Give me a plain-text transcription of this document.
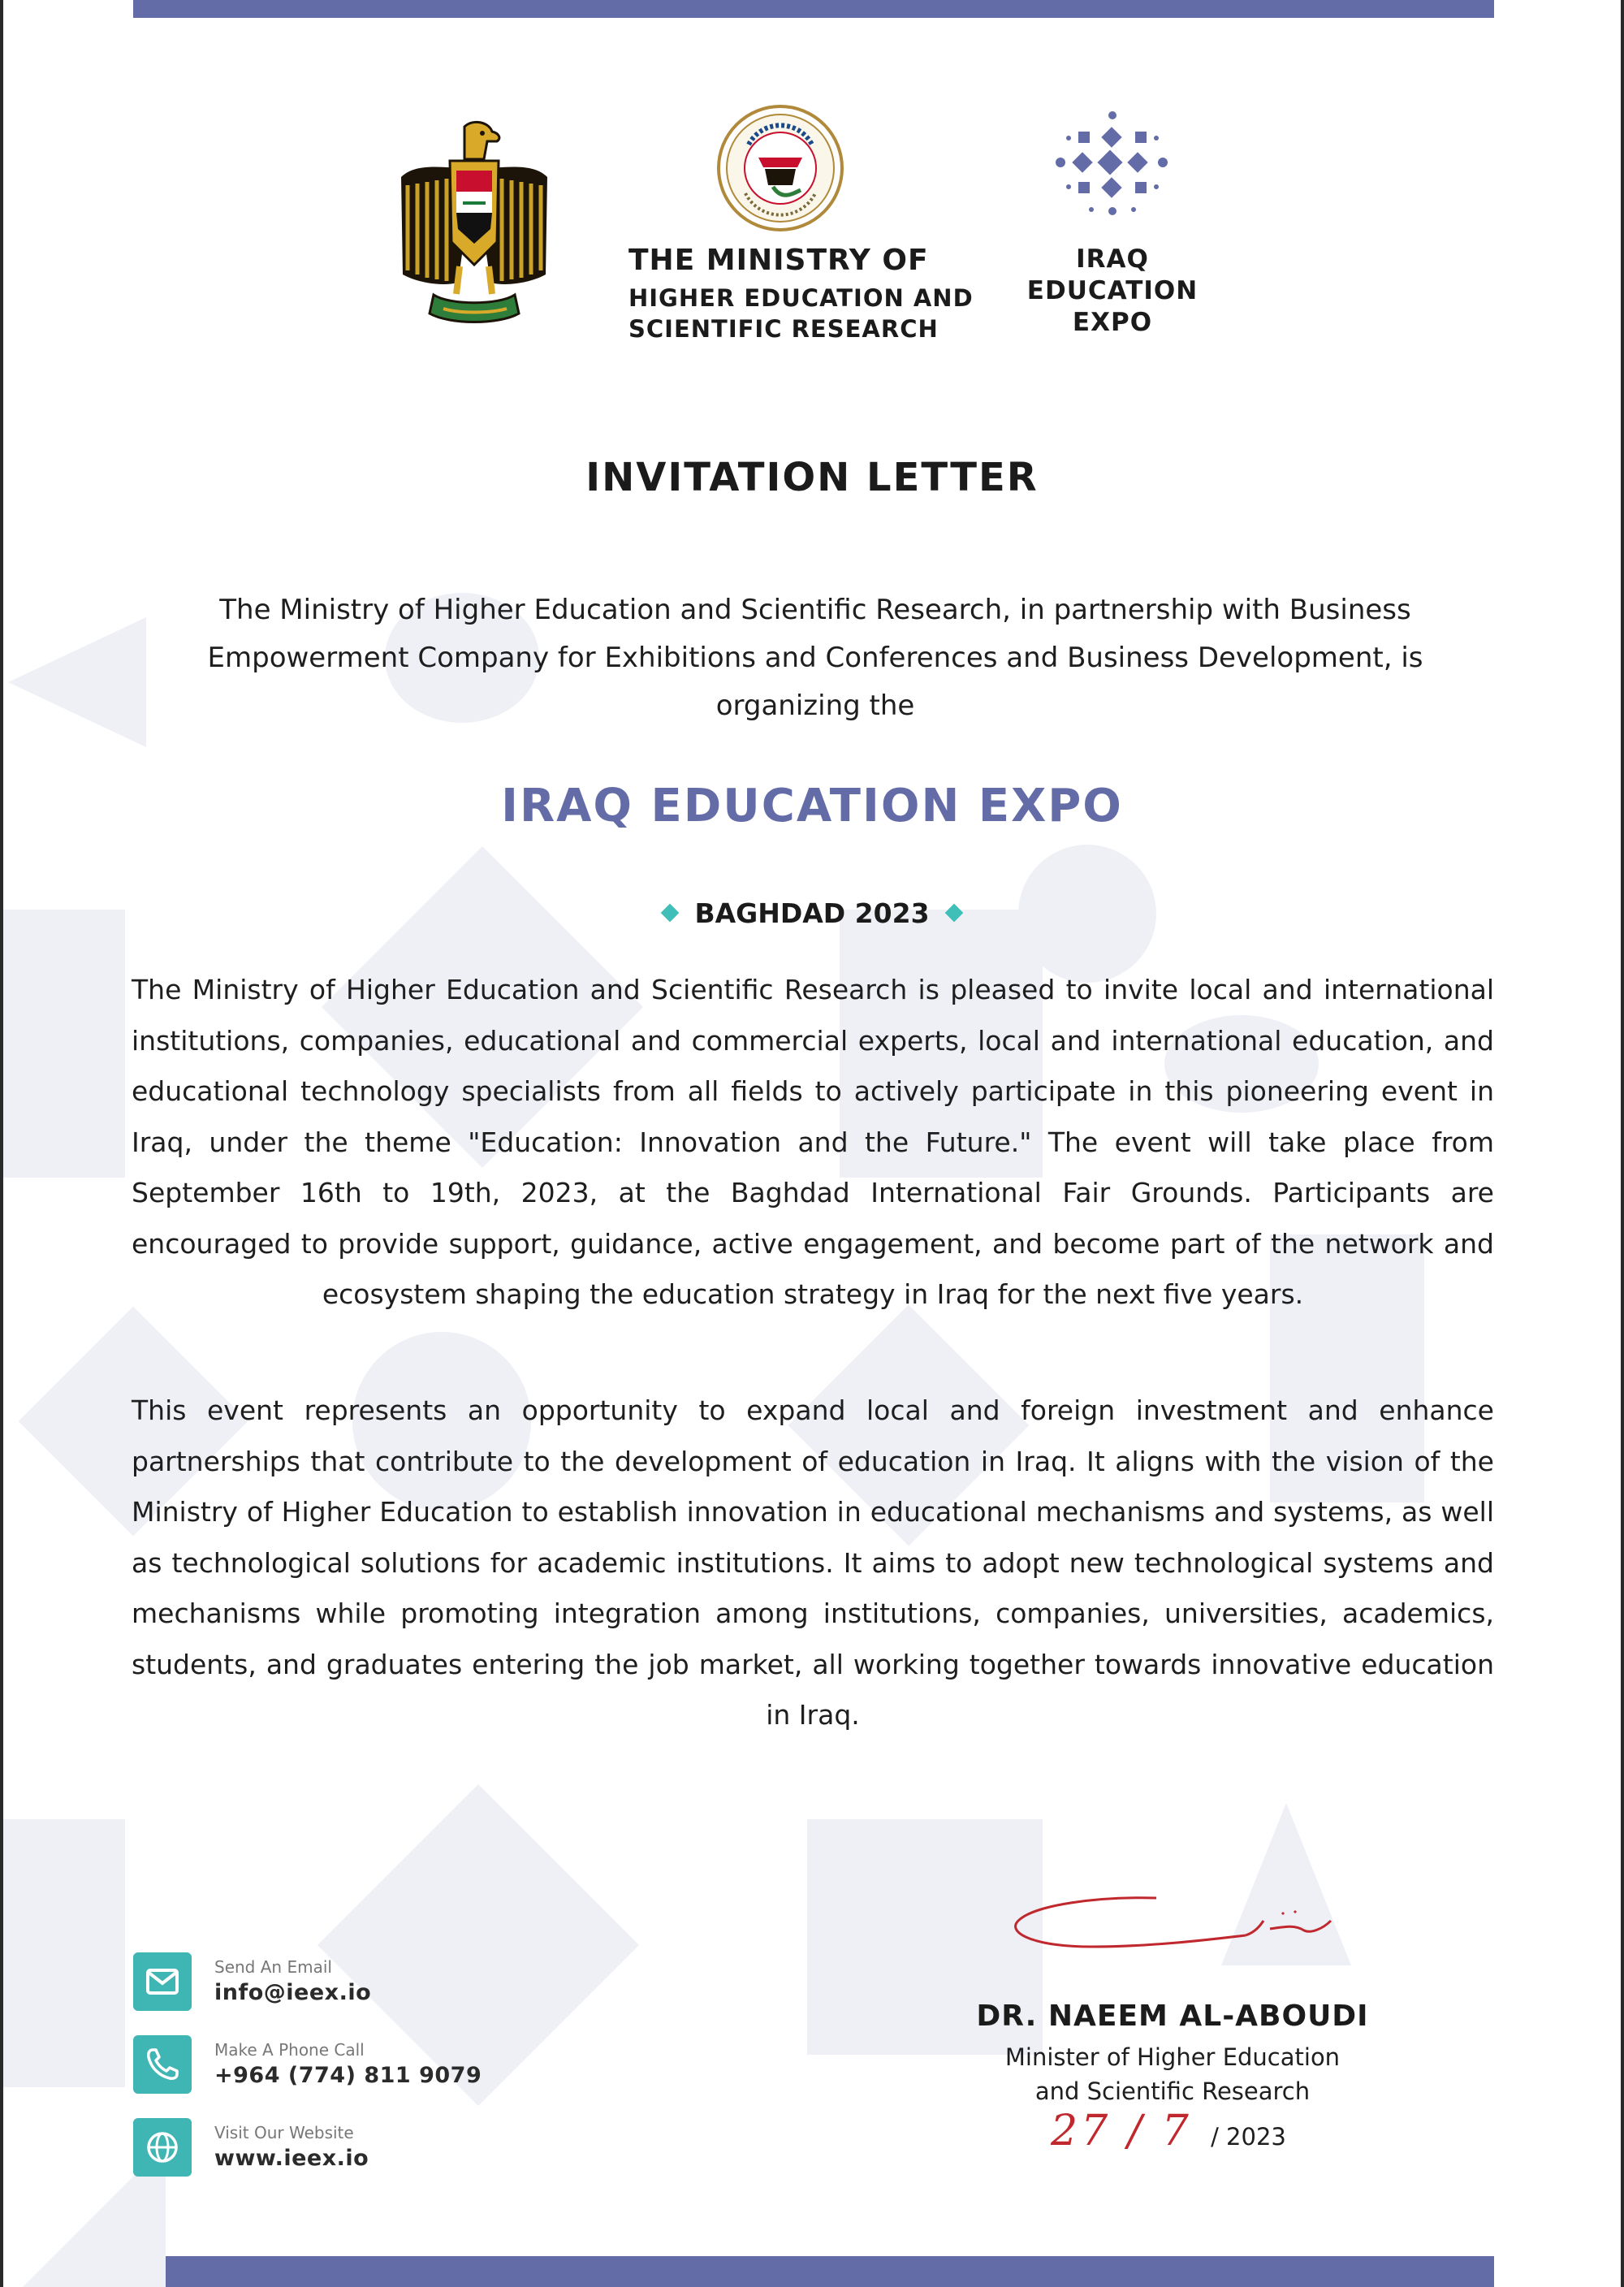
THE MINISTRY OF
HIGHER EDUCATION AND
SCIENTIFIC RESEARCH
IRAQ
EDUCATION
EXPO
INVITATION LETTER
The Ministry of Higher Education and Scientific Research, in partnership with Business Empowerment Company for Exhibitions and Conferences and Business Development, is organizing the
IRAQ EDUCATION EXPO
BAGHDAD 2023
The Ministry of Higher Education and Scientific Research is pleased to invite local and international institutions, companies, educational and commercial experts, local and international education, and educational technology specialists from all fields to actively participate in this pioneering event in Iraq, under the theme "Education: Innovation and the Future." The event will take place from September 16th to 19th, 2023, at the Baghdad International Fair Grounds. Participants are encouraged to provide support, guidance, active engagement, and become part of the network and ecosystem shaping the education strategy in Iraq for the next five years.
This event represents an opportunity to expand local and foreign investment and enhance partnerships that contribute to the development of education in Iraq. It aligns with the vision of the Ministry of Higher Education to establish innovation in educational mechanisms and systems, as well as technological solutions for academic institutions. It aims to adopt new technological systems and mechanisms while promoting integration among institutions, companies, universities, academics, students, and graduates entering the job market, all working together towards innovative education in Iraq.
Send An Email
info@ieex.io
Make A Phone Call
+964 (774) 811 9079
Visit Our Website
www.ieex.io
DR. NAEEM AL-ABOUDI
Minister of Higher Education
and Scientific Research
27 / 7 / 2023
